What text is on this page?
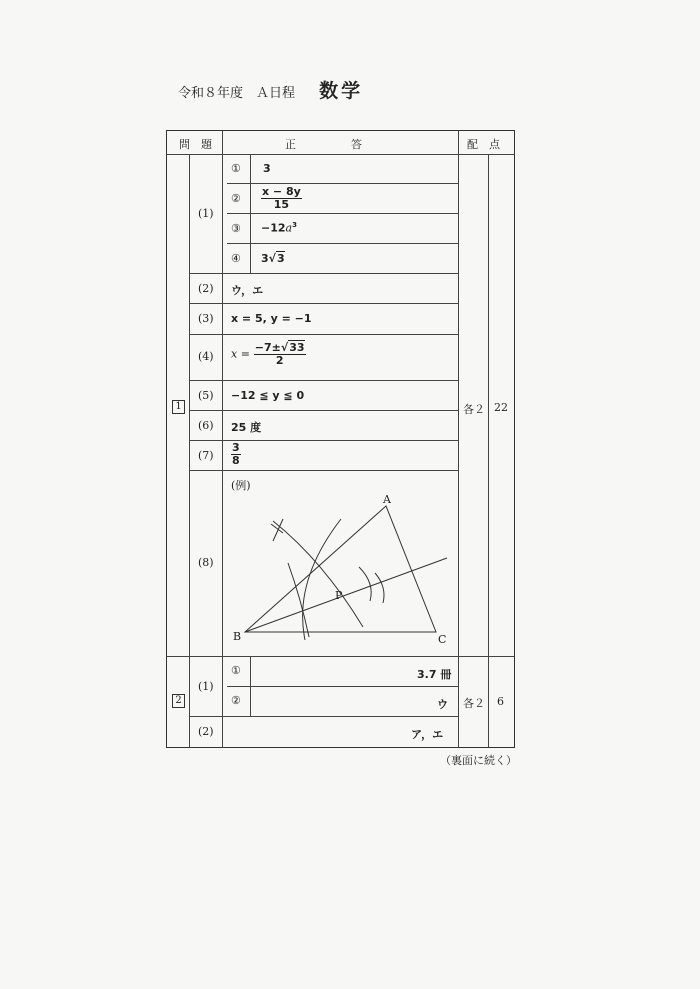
令和８年度　Ａ日程 数学
問　題	正　　　　　答	配　点
1
(1)
① 3
② $\frac{x - 8y}{15}$
③ $-12a^3$
④ 3√3
(2) ウ，エ
(3) x = 5, y = −1
(4) $x = \frac{-7\pm√33}{2}$
(5) −12 ≦ y ≦ 0
(6) 25 度
$(7) \frac{3}{8}$
(8)
(例)
A
B	C
P
各２ 22
2
(1)
①	3.7 冊
②	ウ
(2)	ア，エ
各２ 6
（裏面に続く）
